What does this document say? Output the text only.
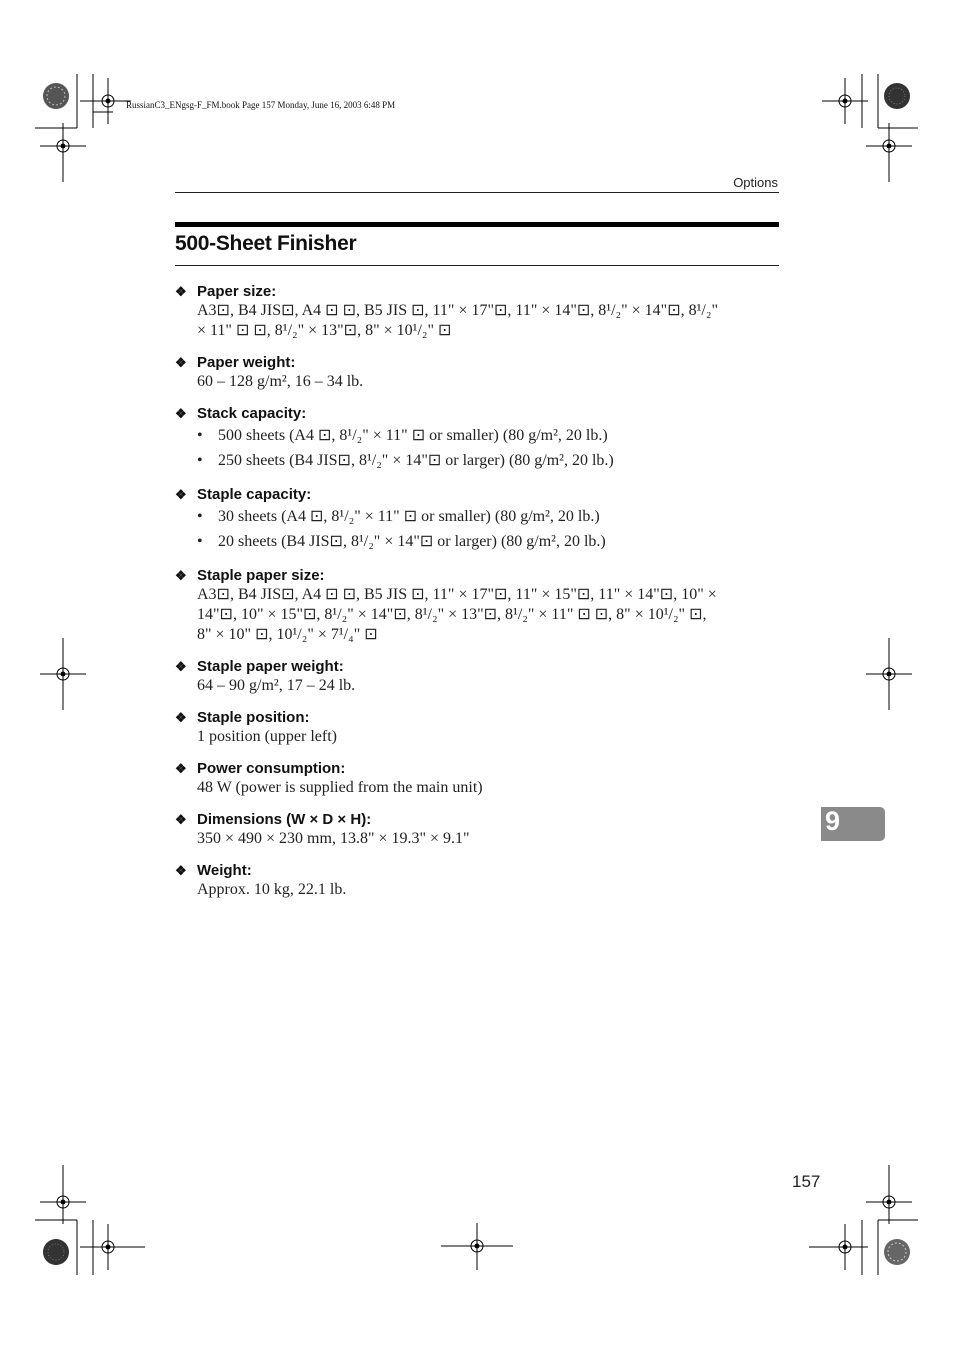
RussianC3_ENgsg-F_FM.book Page 157 Monday, June 16, 2003 6:48 PM
Options
500-Sheet Finisher
❖ Paper size:
A3⊡, B4 JIS⊡, A4 ⊡ ⊡, B5 JIS ⊡, 11" × 17"⊡, 11" × 14"⊡, 8¹/₂" × 14"⊡, 8¹/₂"
× 11" ⊡ ⊡, 8¹/₂" × 13"⊡, 8" × 10¹/₂" ⊡
❖ Paper weight:
60 – 128 g/m², 16 – 34 lb.
❖ Stack capacity:
• 500 sheets (A4 ⊡, 8¹/₂" × 11" ⊡ or smaller) (80 g/m², 20 lb.)
• 250 sheets (B4 JIS⊡, 8¹/₂" × 14"⊡ or larger) (80 g/m², 20 lb.)
❖ Staple capacity:
• 30 sheets (A4 ⊡, 8¹/₂" × 11" ⊡ or smaller) (80 g/m², 20 lb.)
• 20 sheets (B4 JIS⊡, 8¹/₂" × 14"⊡ or larger) (80 g/m², 20 lb.)
❖ Staple paper size:
A3⊡, B4 JIS⊡, A4 ⊡ ⊡, B5 JIS ⊡, 11" × 17"⊡, 11" × 15"⊡, 11" × 14"⊡, 10" ×
14"⊡, 10" × 15"⊡, 8¹/₂" × 14"⊡, 8¹/₂" × 13"⊡, 8¹/₂" × 11" ⊡ ⊡, 8" × 10¹/₂" ⊡,
8" × 10" ⊡, 10¹/₂" × 7¹/₄" ⊡
❖ Staple paper weight:
64 – 90 g/m², 17 – 24 lb.
❖ Staple position:
1 position (upper left)
❖ Power consumption:
48 W (power is supplied from the main unit)
❖ Dimensions (W × D × H):
350 × 490 × 230 mm, 13.8" × 19.3" × 9.1"
❖ Weight:
Approx. 10 kg, 22.1 lb.
9
157
